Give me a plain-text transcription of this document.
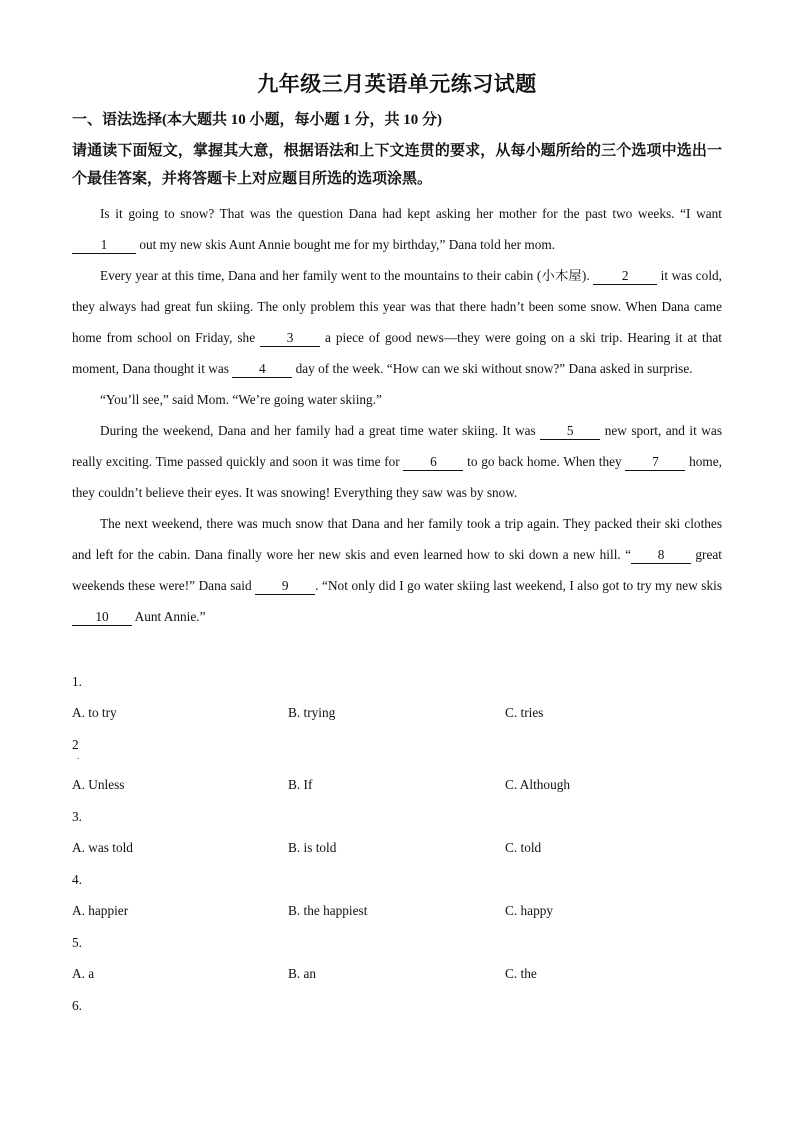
九年级三月英语单元练习试题
一、语法选择(本大题共 10 小题，每小题 1 分，共 10 分)
请通读下面短文，掌握其大意，根据语法和上下文连贯的要求，从每小题所给的三个选项中选出一个最佳答案，并将答题卡上对应题目所选的选项涂黑。

Is it going to snow? That was the question Dana had kept asking her mother for the past two weeks. “I want 1 out my new skis Aunt Annie bought me for my birthday,” Dana told her mom.

Every year at this time, Dana and her family went to the mountains to their cabin (小木屋). 2 it was cold, they always had great fun skiing. The only problem this year was that there hadn’t been some snow. When Dana came home from school on Friday, she 3 a piece of good news—they were going on a ski trip. Hearing it at that moment, Dana thought it was 4 day of the week. “How can we ski without snow?” Dana asked in surprise.

“You’ll see,” said Mom. “We’re going water skiing.”

During the weekend, Dana and her family had a great time water skiing. It was 5 new sport, and it was really exciting. Time passed quickly and soon it was time for 6 to go back home. When they 7 home, they couldn’t believe their eyes. It was snowing! Everything they saw was by snow.

The next weekend, there was much snow that Dana and her family took a trip again. They packed their ski clothes and left for the cabin. Dana finally wore her new skis and even learned how to ski down a new hill. “ 8 great weekends these were!” Dana said 9 . “Not only did I go water skiing last weekend, I also got to try my new skis 10 Aunt Annie.”

1.
A. to try	B. trying	C. tries
2
.
A. Unless	B. If	C. Although
3.
A. was told	B. is told	C. told
4.
A. happier	B. the happiest	C. happy
5.
A. a	B. an	C. the
6.
